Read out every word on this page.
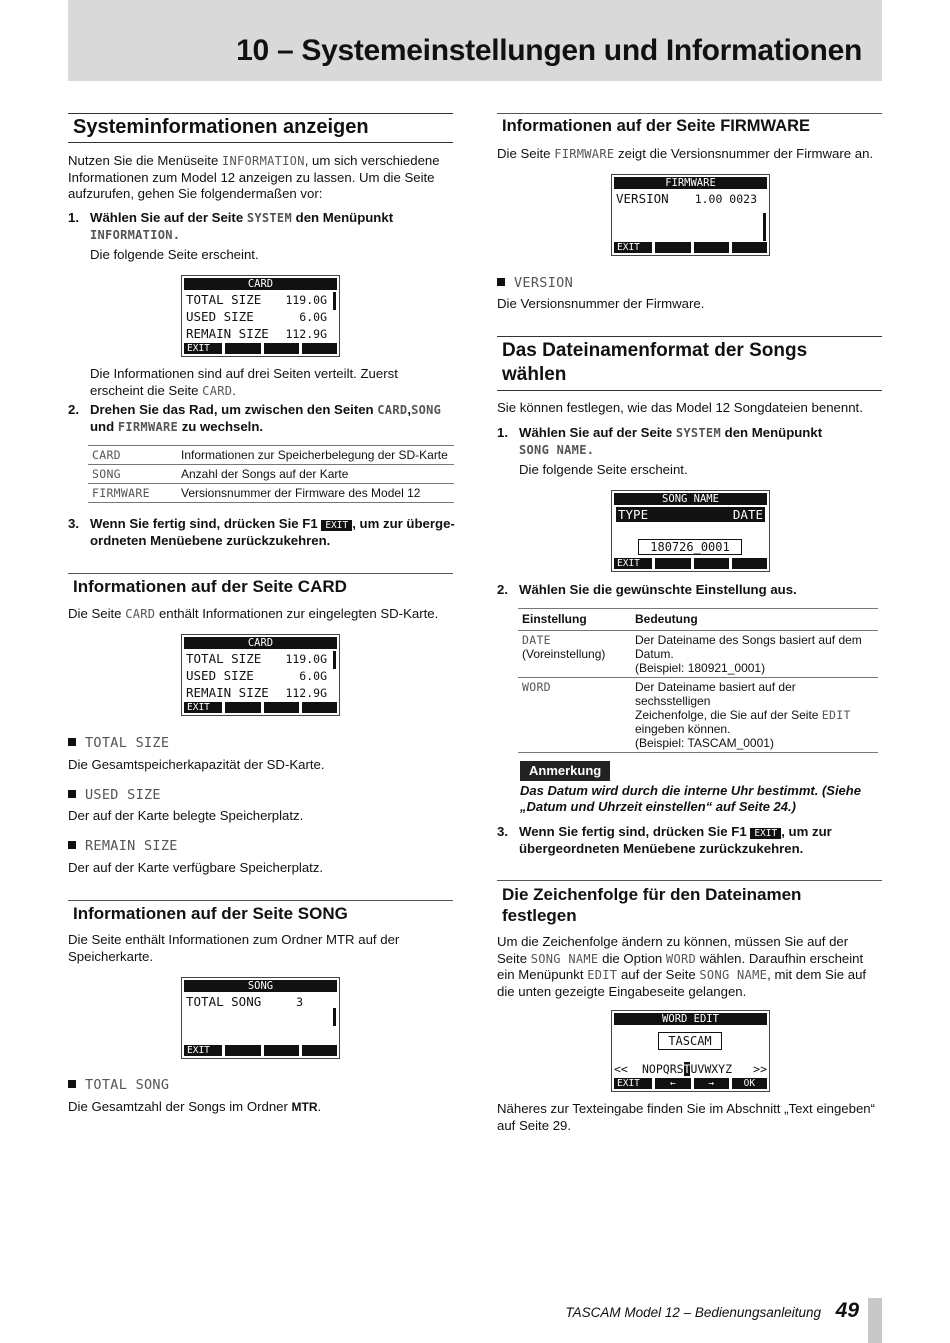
10 – Systemeinstellungen und Informationen
Systeminformationen anzeigen

Nutzen Sie die Menüseite INFORMATION, um sich verschiedene Informationen zum Model 12 anzeigen zu lassen. Um die Seite aufzurufen, gehen Sie folgendermaßen vor:

1. Wählen Sie auf der Seite SYSTEM den Menüpunkt
INFORMATION.
Die folgende Seite erscheint.
CARD
TOTAL SIZE 119.0G
USED SIZE	6.0G
REMAIN SIZE 112.9G
EXIT

Die Informationen sind auf drei Seiten verteilt. Zuerst erscheint die Seite CARD.

2. Drehen Sie das Rad, um zwischen den Seiten CARD,SONG
und FIRMWARE zu wechseln.
CARD	Informationen zur Speicherbelegung der SD-Karte
SONG	Anzahl der Songs auf der Karte
FIRMWARE	Versionsnummer der Firmware des Model 12
3. Wenn Sie fertig sind, drücken Sie F1 EXIT , um zur überge-ordneten Menüebene zurückzukehren.
Informationen auf der Seite CARD

Die Seite CARD enthält Informationen zur eingelegten SD-Karte.

CARD
TOTAL SIZE 119.0G
USED SIZE	6.0G
REMAIN SIZE 112.9G
EXIT
TOTAL SIZE

Die Gesamtspeicherkapazität der SD-Karte.

USED SIZE

Der auf der Karte belegte Speicherplatz.

REMAIN SIZE

Der auf der Karte verfügbare Speicherplatz.

Informationen auf der Seite SONG

Die Seite enthält Informationen zum Ordner MTR auf der Speicherkarte.

SONG
TOTAL SONG	3
EXIT
TOTAL SONG

Die Gesamtzahl der Songs im Ordner MTR.

Informationen auf der Seite FIRMWARE

Die Seite FIRMWARE zeigt die Versionsnummer der Firmware an.

FIRMWARE
VERSION 1.00 0023
EXIT
VERSION

Die Versionsnummer der Firmware.

Das Dateinamenformat der Songs
wählen

Sie können festlegen, wie das Model 12 Songdateien benennt.

1. Wählen Sie auf der Seite SYSTEM den Menüpunkt
SONG NAME.
Die folgende Seite erscheint.
SONG NAME
TYPE	DATE
180726_0001
EXIT
2. Wählen Sie die gewünschte Einstellung aus.
Einstellung	Bedeutung
DATE
(Voreinstellung)	Der Dateiname des Songs basiert auf dem
Datum.
(Beispiel: 180921_0001)
WORD	Der Dateiname basiert auf der sechsstelligen
Zeichenfolge, die Sie auf der Seite EDIT
eingeben können.
(Beispiel: TASCAM_0001)
Anmerkung
Das Datum wird durch die interne Uhr bestimmt. (Siehe
„Datum und Uhrzeit einstellen“ auf Seite 24.)
3. Wenn Sie fertig sind, drücken Sie F1 EXIT , um zur
übergeordneten Menüebene zurückzukehren.
Die Zeichenfolge für den Dateinamen
festlegen

Um die Zeichenfolge ändern zu können, müssen Sie auf der
Seite SONG NAME die Option WORD wählen. Daraufhin erscheint
ein Menüpunkt EDIT auf der Seite SONG NAME, mit dem Sie auf
die unten gezeigte Eingabeseite gelangen.

WORD EDIT
TASCAM
<< NOPQRSTUVWXYZ >>
EXIT	←	→	OK

Näheres zur Texteingabe finden Sie im Abschnitt „Text eingeben“
auf Seite 29.

TASCAM Model 12 – Bedienungsanleitung 49
